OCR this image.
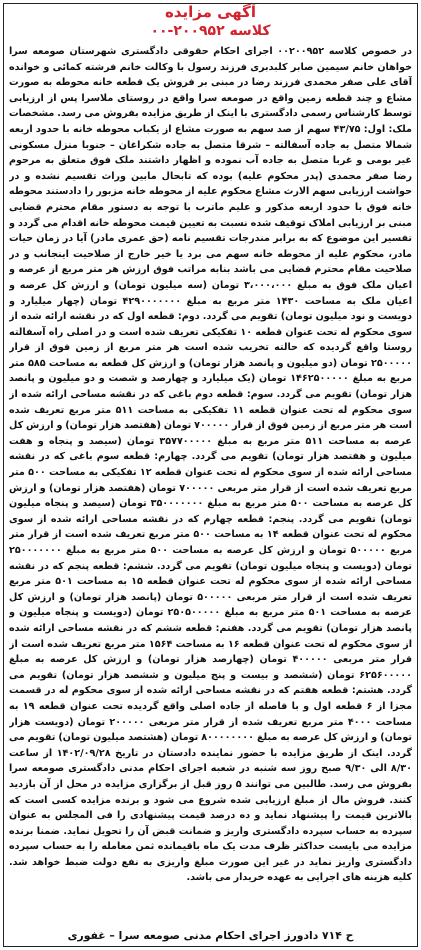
آگهی مزایده
کلاسه ۲۰۰۹۵۲-۰۰
در خصوص کلاسه ۰۰۲۰۰۹۵۲ اجرای احکام حقوقی دادگستری شهرستان صومعه سرا خواهان خانم سیمین صابر کلبدبری فرزند رسول با وکالت خانم فرشته کمائی و خوانده آقای علی صفر محمدی فرزند رضا در مبنی بر فروش یک قطعه خانه محوطه به صورت مشاع و چند قطعه زمین واقع در صومعه سرا واقع در روستای ملاسرا پس از ارزیابی توسط کارشناس رسمی دادگستری با اینک از طریق مزایده بفروش می رسد. مشخصات ملک: اول: ۴۳/۷۵ سهم از صد سهم به صورت مشاع از یکباب محوطه خانه با حدود اربعه شمالا متصل به جاده آسفالته – شرقا متصل به جاده شکراغان – جنوبا منزل مسکونی غیر بومی و غربا متصل به جاده آب نموده و اظهار داشتند ملک فوق متعلق به مرحوم رضا صفر محمدی (پدر محکوم علیه) بوده که تابحال مابین وراث تقسیم نشده و در حواشت ارزیابی سهم الارث مشاع محکوم علیه از محوطه خانه مزبور را دادستند محوطه خانه فوق با حدود اربعه مذکور و علیم ماترب با توجه به دستور مقام محترم قضایی مبنی بر ارزیابی املاک توقیف شده نسبت به تعیین قیمت محوطه خانه اقدام می گردد و تفسیر این موضوع که به برابر مندرجات تقسیم نامه (حق عمری مادر) آیا در زمان حیات مادر، محکوم علیه از محوطه خانه سهم می برد یا خیر خارج از صلاحیت اینجانب و در صلاحیت مقام محترم قضایی می باشد بنابه مراتب فوق ارزش هر متر مربع از عرصه و اعیان ملک فوق به مبلغ ۳،۰۰۰،۰۰۰ تومان (سه میلیون تومان) و ارزش کل عرصه و اعیان ملک به مساحت ۱۴۳۰ متر مربع به مبلغ ۴۲۹۰۰۰۰۰۰۰ تومان (چهار میلیارد و دویست و نود میلیون تومان) تقویم می گردد. دوم: قطعه اول که در نقشه ارائه شده از سوی محکوم له تحت عنوان قطعه ۱۰ تفکیکی تعریف شده است و در اصلی راه آسفالته روستا واقع گردیده که حالته تخریب شده است هر متر مربع از زمین فوق از قرار ۲۵۰۰۰۰۰ تومان (دو میلیون و پانصد هزار تومان) و ارزش کل قطعه به مساحت ۵۸۵ متر مربع به مبلغ ۱۴۶۲۵۰۰۰۰۰ تومان (یک میلیارد و چهارصد و شصت و دو میلیون و پانصد هزار تومان) تقویم می گردد. سوم: قطعه دوم باغی که در نقشه مساحی ارائه شده از سوی محکوم له تحت عنوان قطعه ۱۱ تفکیکی به مساحت ۵۱۱ متر مربع تعریف شده است هر متر مربع از زمین فوق از قرار ۷۰۰۰۰۰ تومان (هفتصد هزار تومان) و ارزش کل عرصه به مساحت ۵۱۱ متر مربع به مبلغ ۳۵۷۷۰۰۰۰۰ تومان (سیصد و پنجاه و هفت میلیون و هفتصد هزار تومان) تقویم می گردد. چهارم: قطعه سوم باغی که در نقشه مساحی ارائه شده از سوی محکوم له تحت عنوان قطعه ۱۲ تفکیکی به مساحت ۵۰۰ متر مربع تعریف شده است از قرار متر مربعی ۷۰۰۰۰۰ تومان (هفتصد هزار تومان) و ارزش کل عرصه به مساحت ۵۰۰ متر مربع به مبلغ ۳۵۰۰۰۰۰۰۰ تومان (سیصد و پنجاه میلیون تومان) تقویم می گردد. پنجم: قطعه چهارم که در نقشه مساحی ارائه شده از سوی محکوم له تحت عنوان قطعه ۱۴ به مساحت ۵۰۰ متر مربع تعریف شده است از قرار متر مربع ۵۰۰۰۰۰ تومان و ارزش کل عرصه به مساحت ۵۰۰ متر مربع به مبلغ ۲۵۰۰۰۰۰۰۰ تومان (دویست و پنجاه میلیون تومان) تقویم می گردد. ششم: قطعه پنجم که در نقشه مساحی ارائه شده از سوی محکوم له تحت عنوان قطعه ۱۵ به مساحت ۵۰۱ متر مربع تعریف شده است از قرار متر مربعی ۵۰۰۰۰۰ تومان (پانصد هزار تومان) و ارزش کل عرصه به مساحت ۵۰۱ متر مربع به مبلغ ۲۵۰۵۰۰۰۰۰ تومان (دویست و پنجاه میلیون و پانصد هزار تومان) تقویم می گردد. هفتم: قطعه ششم که در نقشه مساحی ارائه شده از سوی محکوم له تحت عنوان قطعه ۱۶ به مساحت ۱۵۶۴ متر مربع تعریف شده است از قرار متر مربعی ۴۰۰۰۰۰ تومان (چهارصد هزار تومان) و ارزش کل عرصه به مبلغ ۶۲۵۶۰۰۰۰۰ تومان (ششصد و بیست و پنج میلیون و ششصد هزار تومان) تقویم می گردد. هشتم: قطعه هفتم که در نقشه مساحی ارائه شده از سوی محکوم له در قسمت مجزا از ۶ قطعه اول و با فاصله از جاده اصلی واقع گردیده تحت عنوان قطعه ۱۹ به مساحت ۴۰۰۰ متر مربع تعریف شده از قرار متر مربعی ۲۰۰۰۰۰ تومان (دویست هزار تومان) و ارزش کل عرصه به مبلغ ۸۰۰۰۰۰۰۰۰ تومان (هشتصد میلیون تومان) تقویم می گردد. اینک از طریق مزایده با حضور نماینده دادستان در تاریخ ۱۴۰۲/۰۹/۲۸ از ساعت ۸/۳۰ الی ۹/۳۰ صبح روز سه شنبه در شعبه اجرای احکام مدنی دادگستری صومعه سرا بفروش می رسد. طالبین می توانند ۵ روز قبل از برگزاری مزایده در محل از آن بازدید کنند. فروش مال از مبلغ ارزیابی شده شروع می شود و برنده مزایده کسی است که بالاترین قیمت را پیشنهاد نماید و ده درصد قیمت پیشنهادی را فی المجلس به عنوان سپرده به حساب سپرده دادگستری واریز و ضمانت قبض آن را تحویل نماید. ضمنا برنده مزایده می بایست حداکثر ظرف مدت یک ماه باقیمانده ثمن معامله را به حساب سپرده دادگستری واریز نماید در غیر این صورت مبلغ واریزی به نفع دولت ضبط خواهد شد. کلیه هزینه های اجرایی به عهده خریدار می باشد.
ح ۷۱۴ دادورز اجرای احکام مدنی صومعه سرا – غفوری
